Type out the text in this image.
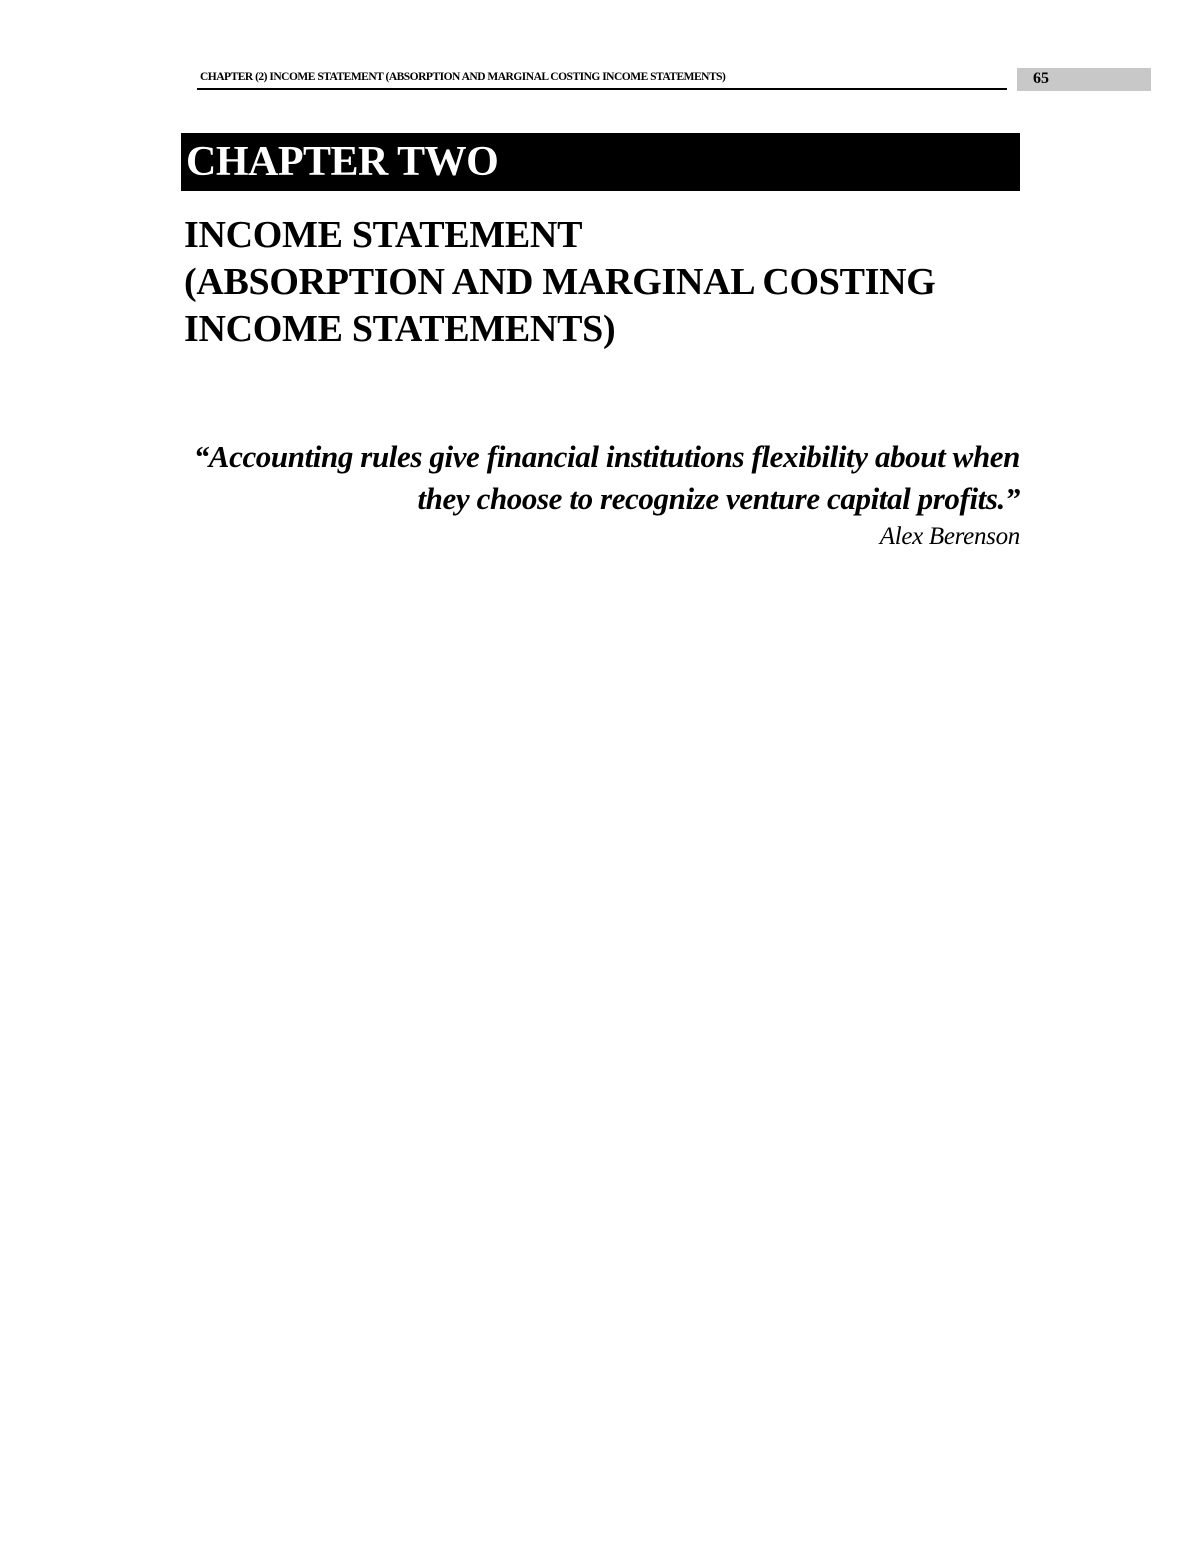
CHAPTER (2) INCOME STATEMENT (ABSORPTION AND MARGINAL COSTING INCOME STATEMENTS)	65
CHAPTER TWO
INCOME STATEMENT
(ABSORPTION AND MARGINAL COSTING
INCOME STATEMENTS)
“Accounting rules give financial institutions flexibility about when they choose to recognize venture capital profits.”
Alex Berenson
